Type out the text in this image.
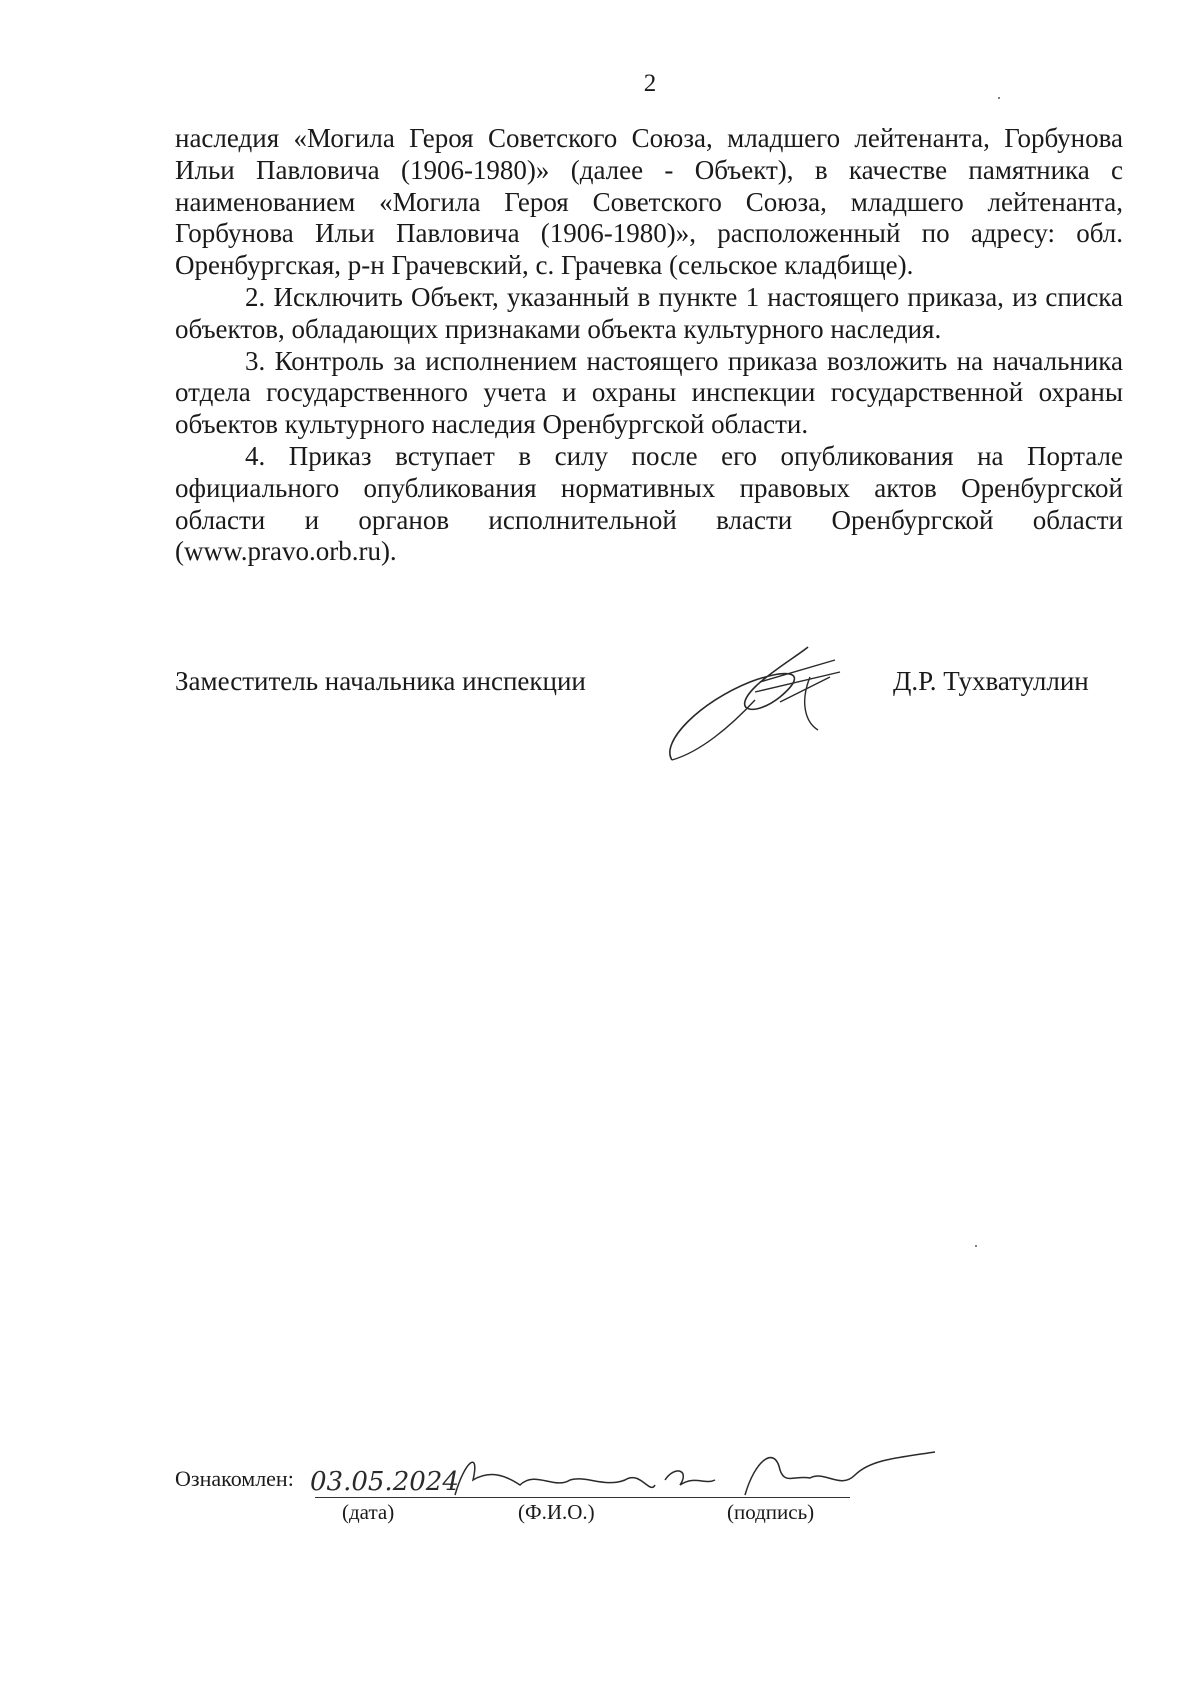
2

наследия «Могила Героя Советского Союза, младшего лейтенанта, Горбунова Ильи Павловича (1906-1980)» (далее - Объект), в качестве памятника с наименованием «Могила Героя Советского Союза, младшего лейтенанта, Горбунова Ильи Павловича (1906-1980)», расположенный по адресу: обл. Оренбургская, р-н Грачевский, с. Грачевка (сельское кладбище).

2. Исключить Объект, указанный в пункте 1 настоящего приказа, из списка объектов, обладающих признаками объекта культурного наследия.

3. Контроль за исполнением настоящего приказа возложить на начальника отдела государственного учета и охраны инспекции государственной охраны объектов культурного наследия Оренбургской области.

4. Приказ вступает в силу после его опубликования на Портале официального опубликования нормативных правовых актов Оренбургской области и органов исполнительной власти Оренбургской области (www.pravo.orb.ru).

Заместитель начальника инспекции	Д.Р. Тухватуллин
Ознакомлен: 03.05.2024
(дата)	(Ф.И.О.)	(подпись)
